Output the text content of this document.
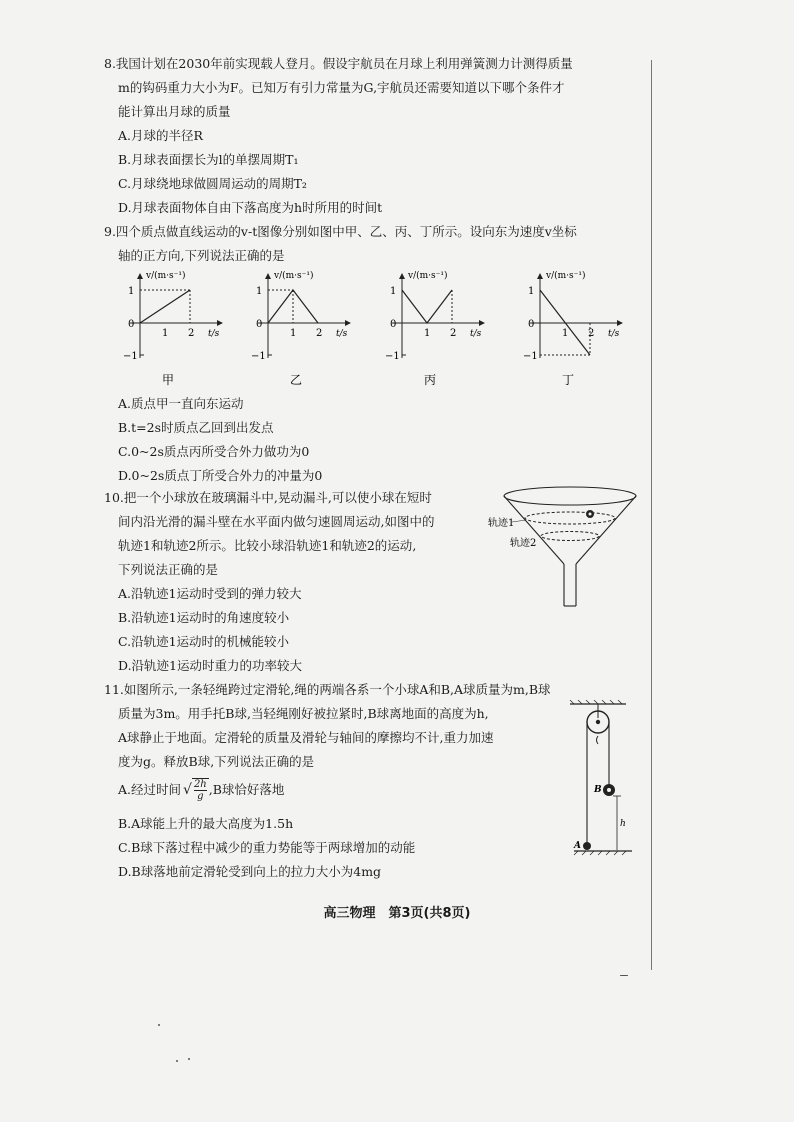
8.我国计划在2030年前实现载人登月。假设宇航员在月球上利用弹簧测力计测得质量

m的钩码重力大小为F。已知万有引力常量为G,宇航员还需要知道以下哪个条件才

能计算出月球的质量

A.月球的半径R

B.月球表面摆长为l的单摆周期T₁

C.月球绕地球做圆周运动的周期T₂

D.月球表面物体自由下落高度为h时所用的时间t

9.四个质点做直线运动的v-t图像分别如图中甲、乙、丙、丁所示。设向东为速度v坐标

轴的正方向,下列说法正确的是

v/(m·s⁻¹)
t/s
1
0
−1
1 2
甲
v/(m·s⁻¹)
t/s
1
0
−1
1 2
乙
v/(m·s⁻¹)
t/s
1
0
−1
1 2
丙
v/(m·s⁻¹)
t/s
1
0
−1
1 2
丁

A.质点甲一直向东运动

B.t=2s时质点乙回到出发点

C.0~2s质点丙所受合外力做功为0

D.0~2s质点丁所受合外力的冲量为0

10.把一个小球放在玻璃漏斗中,晃动漏斗,可以使小球在短时

间内沿光滑的漏斗壁在水平面内做匀速圆周运动,如图中的

轨迹1和轨迹2所示。比较小球沿轨迹1和轨迹2的运动,

下列说法正确的是

A.沿轨迹1运动时受到的弹力较大

B.沿轨迹1运动时的角速度较小

C.沿轨迹1运动时的机械能较小

D.沿轨迹1运动时重力的功率较大

轨迹1
轨迹2

11.如图所示,一条轻绳跨过定滑轮,绳的两端各系一个小球A和B,A球质量为m,B球

质量为3m。用手托B球,当轻绳刚好被拉紧时,B球离地面的高度为h,

A球静止于地面。定滑轮的质量及滑轮与轴间的摩擦均不计,重力加速

度为g。释放B球,下列说法正确的是

A.经过时间 √ $\frac{2h}{g} ,B$球恰好落地

B.A球能上升的最大高度为1.5h

C.B球下落过程中减少的重力势能等于两球增加的动能

D.B球落地前定滑轮受到向上的拉力大小为4mg

B
A
h
高三物理　第3页(共8页)
